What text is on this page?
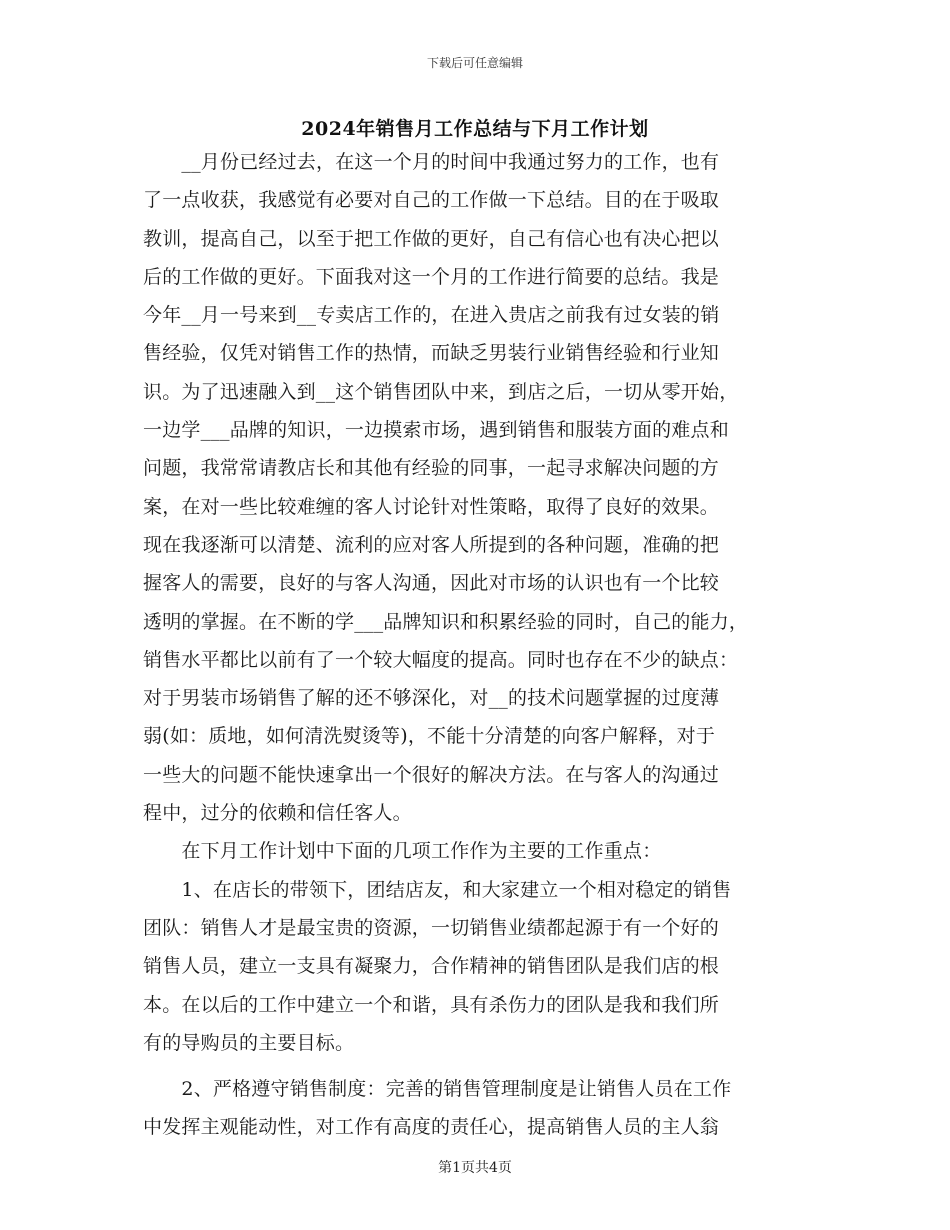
下载后可任意编辑
2024年销售月工作总结与下月工作计划
　　__月份已经过去，在这一个月的时间中我通过努力的工作，也有
了一点收获，我感觉有必要对自己的工作做一下总结。目的在于吸取
教训，提高自己，以至于把工作做的更好，自己有信心也有决心把以
后的工作做的更好。下面我对这一个月的工作进行简要的总结。我是
今年__月一号来到__专卖店工作的，在进入贵店之前我有过女装的销
售经验，仅凭对销售工作的热情，而缺乏男装行业销售经验和行业知
识。为了迅速融入到__这个销售团队中来，到店之后，一切从零开始，
一边学___品牌的知识，一边摸索市场，遇到销售和服装方面的难点和
问题，我常常请教店长和其他有经验的同事，一起寻求解决问题的方
案，在对一些比较难缠的客人讨论针对性策略，取得了良好的效果。
现在我逐渐可以清楚、流利的应对客人所提到的各种问题，准确的把
握客人的需要，良好的与客人沟通，因此对市场的认识也有一个比较
透明的掌握。在不断的学___品牌知识和积累经验的同时，自己的能力，
销售水平都比以前有了一个较大幅度的提高。同时也存在不少的缺点：
对于男装市场销售了解的还不够深化，对__的技术问题掌握的过度薄
弱(如：质地，如何清洗熨烫等)，不能十分清楚的向客户解释，对于
一些大的问题不能快速拿出一个很好的解决方法。在与客人的沟通过
程中，过分的依赖和信任客人。
　　在下月工作计划中下面的几项工作作为主要的工作重点：
　　1、在店长的带领下，团结店友，和大家建立一个相对稳定的销售
团队：销售人才是最宝贵的资源，一切销售业绩都起源于有一个好的
销售人员，建立一支具有凝聚力，合作精神的销售团队是我们店的根
本。在以后的工作中建立一个和谐，具有杀伤力的团队是我和我们所
有的导购员的主要目标。
　　2、严格遵守销售制度：完善的销售管理制度是让销售人员在工作
中发挥主观能动性，对工作有高度的责任心，提高销售人员的主人翁
第1页共4页
